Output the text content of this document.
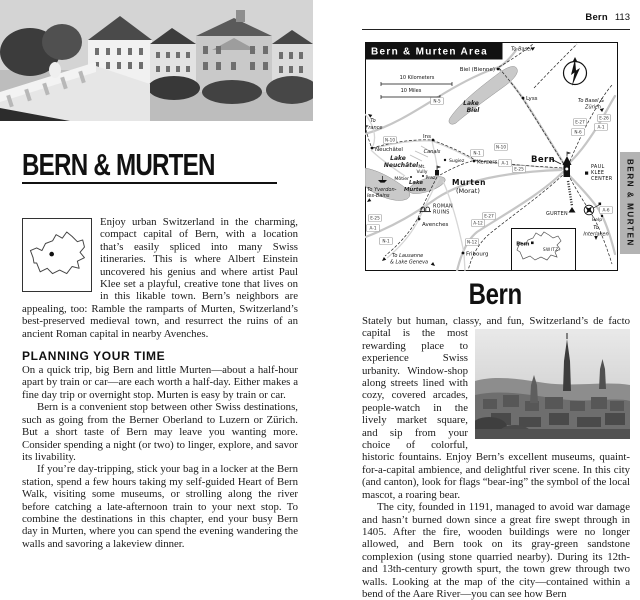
BERN & MURTEN

Enjoy urban Switzerland in the charming, compact capital of Bern, with a location that’s easily spliced into many Swiss itineraries. This is where Albert Einstein uncovered his genius and where artist Paul Klee set a playful, creative tone that lives on in this likable town. Bern’s neighbors are appealing, too: Ramble the ramparts of Murten, Switzerland’s best-preserved medieval town, and resurrect the ruins of an ancient Roman capital in nearby Avenches.

PLANNING YOUR TIME

On a quick trip, big Bern and little Murten—about a half-hour apart by train or car—are each worth a half-day. Either makes a fine day trip or overnight stop. Murten is easy by train or car.

Bern is a convenient stop between other Swiss destinations, such as going from the Berner Oberland to Luzern or Zürich. But a short taste of Bern may leave you wanting more. Consider spending a night (or two) to linger, explore, and savor its livability.

If you’re day-tripping, stick your bag in a locker at the Bern station, spend a few hours taking my self-guided Heart of Bern Walk, visiting some museums, or strolling along the river before catching a late-afternoon train to your next stop. To combine the destinations in this chapter, end your busy Bern day in Murten, where you can spend the evening wandering the walls and savoring a lakeview dinner.

Bern 113
Bern & Murten Area
10 Kilometers
10 Miles
N-5
N-10
N-10
N-1
E-27
N-6
E-26
A-1
A-1
E-25
E-25
A-1
N-1
E-27
A-12
N-12
A-6
To Basel
To Basel &
Zürich
To
France
Biel (Bienne)
Lake
Biel
Lyss
Ins
Canals
Neuchâtel
Lake
Neuchâtel Mt.
Vully
Praz
Môtier
Lake
Murten
Murten
(Morat)
Sugiez Kerzers
To Yverdon-
les-Bains
ROMAN
RUINS
Avenches
To Lausanne
& Lake Geneva
Fribourg
Bern
PAUL
KLEE
CENTER
GURTEN
Belp
To
Interlaken
Bern
SWITZ.
Bern

Stately but human, classy, and fun, Switzerland’s de facto capital is the most rewarding place to experience Swiss urbanity. Window-shop along streets lined with cozy, covered arcades, people-watch in the lively market square, and sip from your choice of colorful, historic fountains. Enjoy Bern’s excellent museums, quaint-for-a-capital ambience, and delightful river scene. In this city (and canton), look for flags “bear-ing” the symbol of the local mascot, a roaring bear.

The city, founded in 1191, managed to avoid war damage and hasn’t burned down since a great fire swept through in 1405. After the fire, wooden buildings were no longer allowed, and Bern took on its gray-green sandstone complexion (using stone quarried nearby). During its 12th- and 13th-century growth spurt, the town grew through two walls. Looking at the map of the city—contained within a bend of the Aare River—you can see how Bern

BERN & MURTEN
